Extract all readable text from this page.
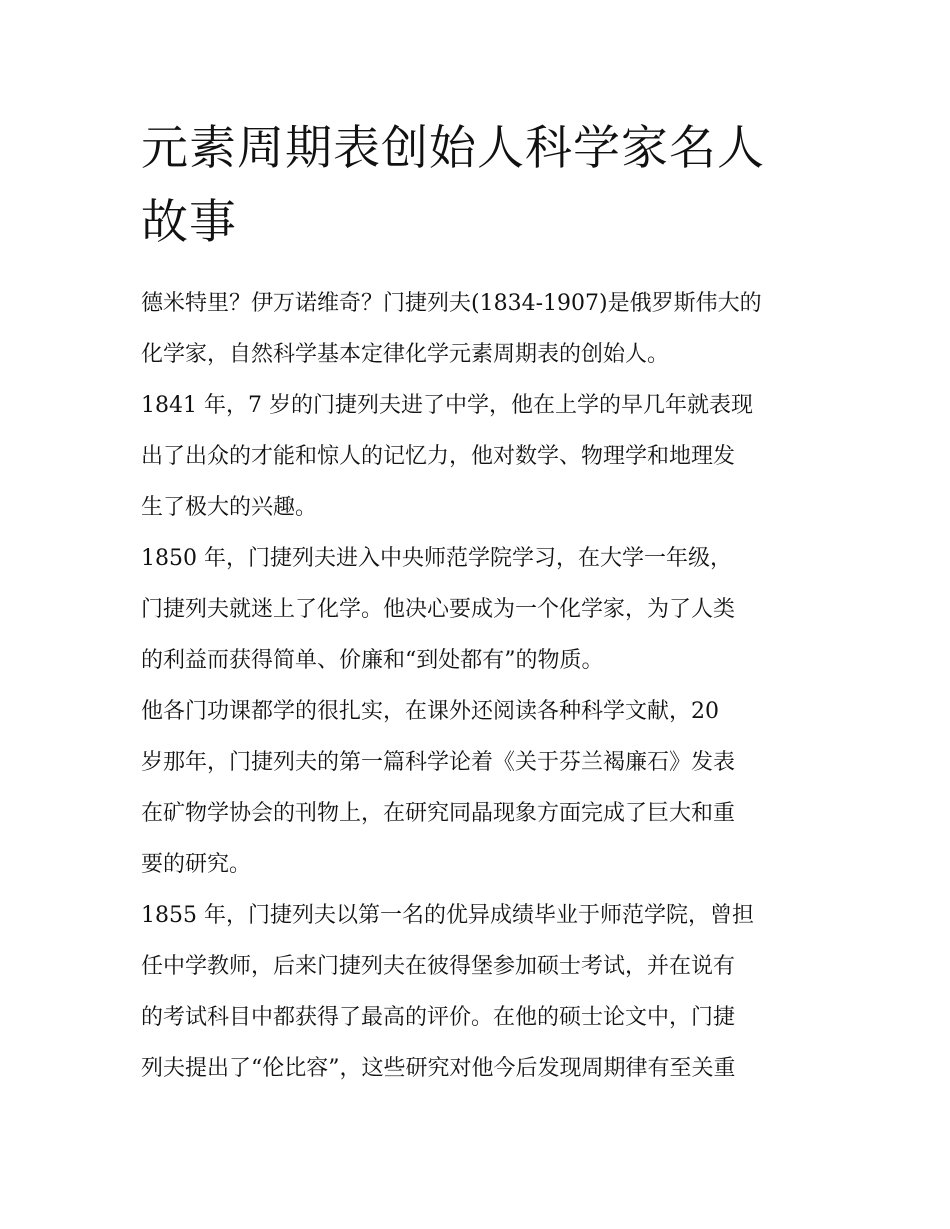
元素周期表创始人科学家名人
故事
德米特里？伊万诺维奇？门捷列夫(1834-1907)是俄罗斯伟大的
化学家，自然科学基本定律化学元素周期表的创始人。
1841 年，7 岁的门捷列夫进了中学，他在上学的早几年就表现
出了出众的才能和惊人的记忆力，他对数学、物理学和地理发
生了极大的兴趣。
1850 年，门捷列夫进入中央师范学院学习，在大学一年级，
门捷列夫就迷上了化学。他决心要成为一个化学家，为了人类
的利益而获得简单、价廉和“到处都有”的物质。
他各门功课都学的很扎实，在课外还阅读各种科学文献，20
岁那年，门捷列夫的第一篇科学论着《关于芬兰褐廉石》发表
在矿物学协会的刊物上，在研究同晶现象方面完成了巨大和重
要的研究。
1855 年，门捷列夫以第一名的优异成绩毕业于师范学院，曾担
任中学教师，后来门捷列夫在彼得堡参加硕士考试，并在说有
的考试科目中都获得了最高的评价。在他的硕士论文中，门捷
列夫提出了“伦比容”，这些研究对他今后发现周期律有至关重
